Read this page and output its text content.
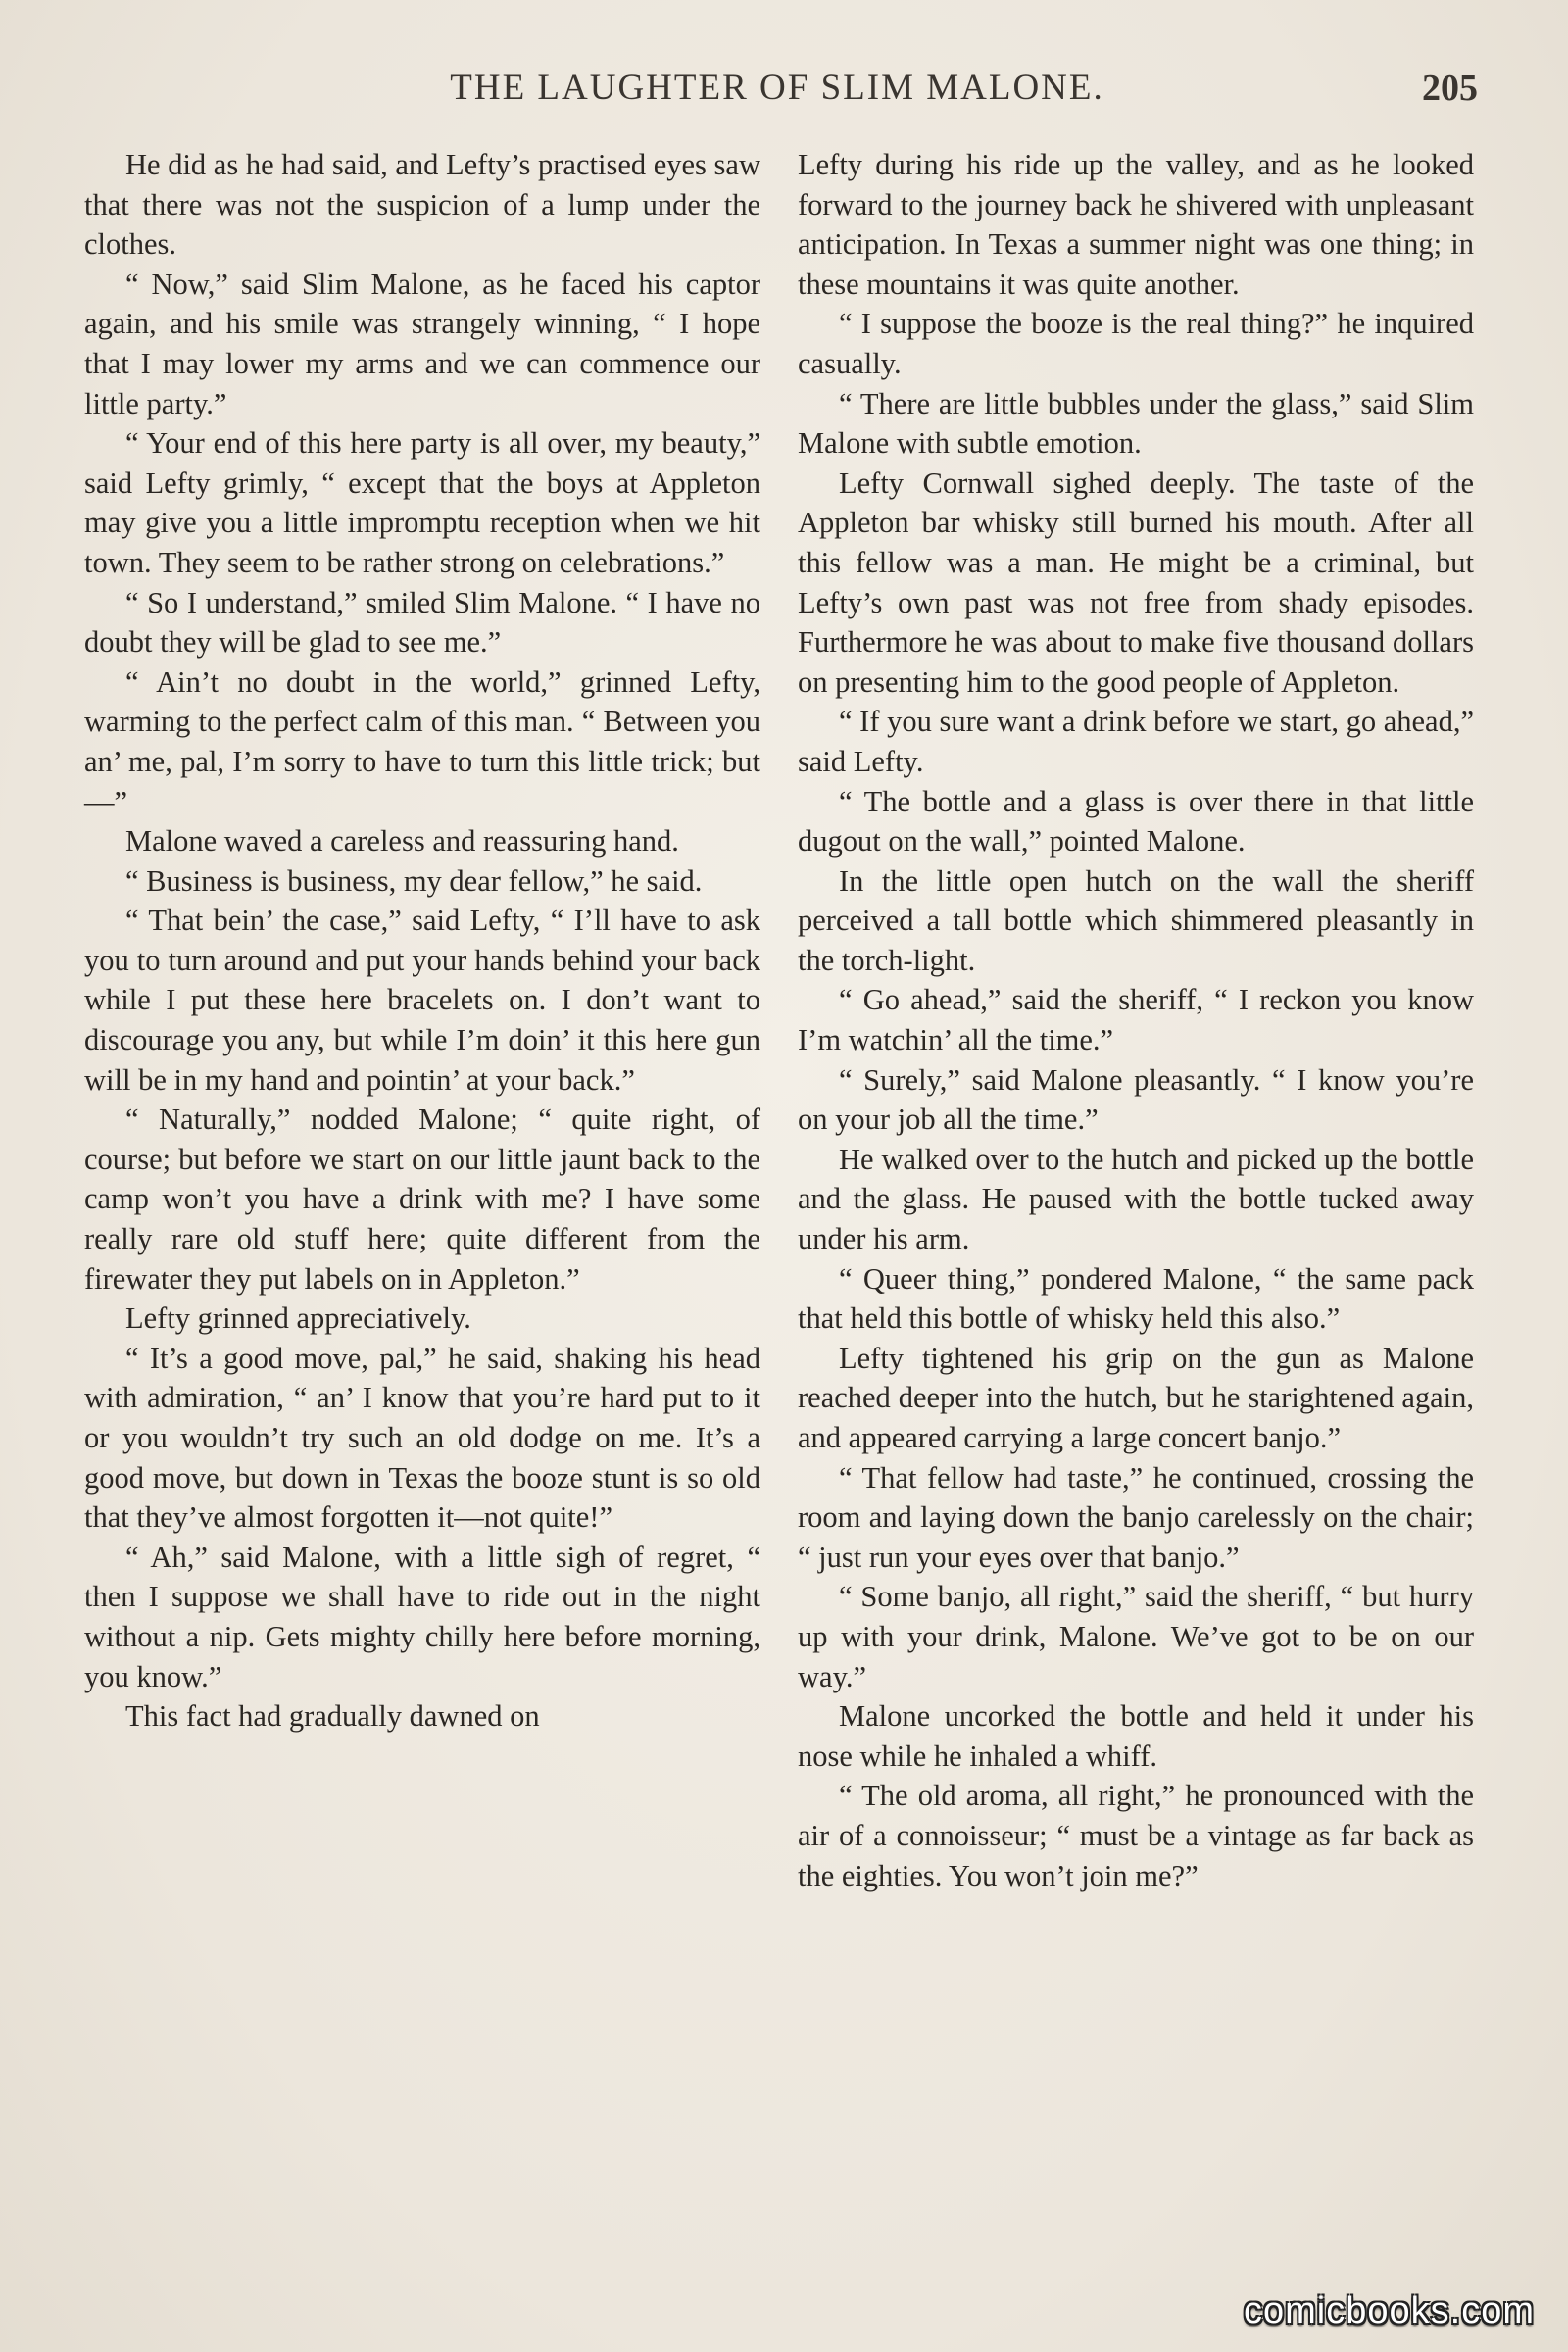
THE LAUGHTER OF SLIM MALONE.	205

He did as he had said, and Lefty’s practised eyes saw that there was not the suspicion of a lump under the clothes.

“ Now,” said Slim Malone, as he faced his captor again, and his smile was strangely winning, “ I hope that I may lower my arms and we can commence our little party.”

“ Your end of this here party is all over, my beauty,” said Lefty grimly, “ except that the boys at Appleton may give you a little impromptu reception when we hit town. They seem to be rather strong on celebrations.”

“ So I understand,” smiled Slim Malone. “ I have no doubt they will be glad to see me.”

“ Ain’t no doubt in the world,” grinned Lefty, warming to the perfect calm of this man. “ Between you an’ me, pal, I’m sorry to have to turn this little trick; but—”

Malone waved a careless and reassuring hand.

“ Business is business, my dear fellow,” he said.

“ That bein’ the case,” said Lefty, “ I’ll have to ask you to turn around and put your hands behind your back while I put these here bracelets on. I don’t want to discourage you any, but while I’m doin’ it this here gun will be in my hand and pointin’ at your back.”

“ Naturally,” nodded Malone; “ quite right, of course; but before we start on our little jaunt back to the camp won’t you have a drink with me? I have some really rare old stuff here; quite different from the firewater they put labels on in Appleton.”

Lefty grinned appreciatively.

“ It’s a good move, pal,” he said, shaking his head with admiration, “ an’ I know that you’re hard put to it or you wouldn’t try such an old dodge on me. It’s a good move, but down in Texas the booze stunt is so old that they’ve almost forgotten it—not quite!”

“ Ah,” said Malone, with a little sigh of regret, “ then I suppose we shall have to ride out in the night without a nip. Gets mighty chilly here before morning, you know.”

This fact had gradually dawned on

Lefty during his ride up the valley, and as he looked forward to the journey back he shivered with unpleasant anticipation. In Texas a summer night was one thing; in these mountains it was quite another.

“ I suppose the booze is the real thing?” he inquired casually.

“ There are little bubbles under the glass,” said Slim Malone with subtle emotion.

Lefty Cornwall sighed deeply. The taste of the Appleton bar whisky still burned his mouth. After all this fellow was a man. He might be a criminal, but Lefty’s own past was not free from shady episodes. Furthermore he was about to make five thousand dollars on presenting him to the good people of Appleton.

“ If you sure want a drink before we start, go ahead,” said Lefty.

“ The bottle and a glass is over there in that little dugout on the wall,” pointed Malone.

In the little open hutch on the wall the sheriff perceived a tall bottle which shimmered pleasantly in the torch-light.

“ Go ahead,” said the sheriff, “ I reckon you know I’m watchin’ all the time.”

“ Surely,” said Malone pleasantly. “ I know you’re on your job all the time.”

He walked over to the hutch and picked up the bottle and the glass. He paused with the bottle tucked away under his arm.

“ Queer thing,” pondered Malone, “ the same pack that held this bottle of whisky held this also.”

Lefty tightened his grip on the gun as Malone reached deeper into the hutch, but he starightened again, and appeared carrying a large concert banjo.”

“ That fellow had taste,” he continued, crossing the room and laying down the banjo carelessly on the chair; “ just run your eyes over that banjo.”

“ Some banjo, all right,” said the sheriff, “ but hurry up with your drink, Malone. We’ve got to be on our way.”

Malone uncorked the bottle and held it under his nose while he inhaled a whiff.

“ The old aroma, all right,” he pronounced with the air of a connoisseur; “ must be a vintage as far back as the eighties. You won’t join me?”

comicbooks.com
